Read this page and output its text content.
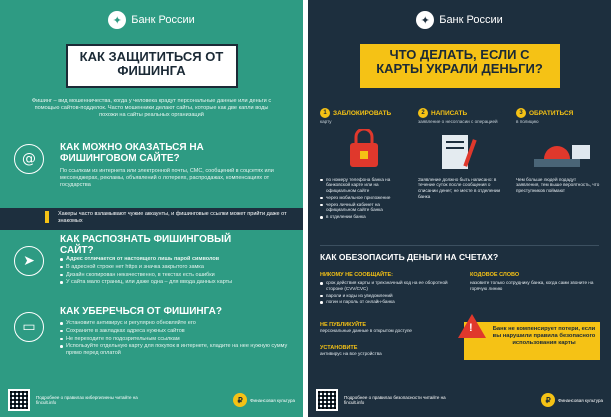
✦ Банк России
КАК ЗАЩИТИТЬСЯ ОТ ФИШИНГА
Фишинг – вид мошенничества, когда у человека крадут персональные данные или деньги с помощью сайтов-подделок. Часто мошенники делают сайты, которые как две капли воды похожи на сайты реальных организаций
@
КАК МОЖНО ОКАЗАТЬСЯ НА ФИШИНГОВОМ САЙТЕ?
По ссылкам из интернета или электронной почты, СМС, сообщений в соцсетях или мессенджерах, рекламы, объявлений о лотереях, распродажах, компенсациях от государства
Хакеры часто взламывают чужие аккаунты, и фишинговые ссылки может прийти даже от знакомых
➤
КАК РАСПОЗНАТЬ ФИШИНГОВЫЙ САЙТ?
Адрес отличается от настоящего лишь парой символов
В адресной строке нет https и значка закрытого замка
Дизайн скопирован некачественно, в текстах есть ошибки
У сайта мало страниц, или даже одна – для ввода данных карты
▭
КАК УБЕРЕЧЬСЯ ОТ ФИШИНГА?
Установите антивирус и регулярно обновляйте его
Сохраните в закладках адреса нужных сайтов
Не переходите по подозрительным ссылкам
Используйте отдельную карту для покупок в интернете, кладите на нее нужную сумму прямо перед оплатой
Подробнее о правилах кибергигиены читайте на fincult.info	₽	Финансовая культура
✦ Банк России
ЧТО ДЕЛАТЬ, ЕСЛИ С КАРТЫ УКРАЛИ ДЕНЬГИ?
1 ЗАБЛОКИРОВАТЬ
карту
по номеру телефона банка на банковской карте или на официальном сайте
через мобильное приложение
через личный кабинет на официальном сайте банка
в отделении банка
2 НАПИСАТЬ
заявление о несогласии с операцией
Заявление должно быть написано: в течение суток после сообщения о списании денег; не месте в отделении банка
3 ОБРАТИТЬСЯ
в полицию
Чем больше людей подадут заявления, тем выше вероятность, что преступников поймают
КАК ОБЕЗОПАСИТЬ ДЕНЬГИ НА СЧЕТАХ?
НИКОМУ НЕ СООБЩАЙТЕ:
срок действия карты и трехзначный код на ее оборотной стороне (CVV/CVC)
пароли и коды из уведомлений
логин и пароль от онлайн-банка
КОДОВОЕ СЛОВО
назовите только сотруднику банка, когда сами звоните на горячую линию
НЕ ПУБЛИКУЙТЕ
персональные данные в открытом доступе
УСТАНОВИТЕ
антивирус на все устройства
Банк не компенсирует потери, если вы нарушили правила безопасного использования карты
!
Подробнее о правилах безопасности читайте на fincult.info	₽	Финансовая культура
